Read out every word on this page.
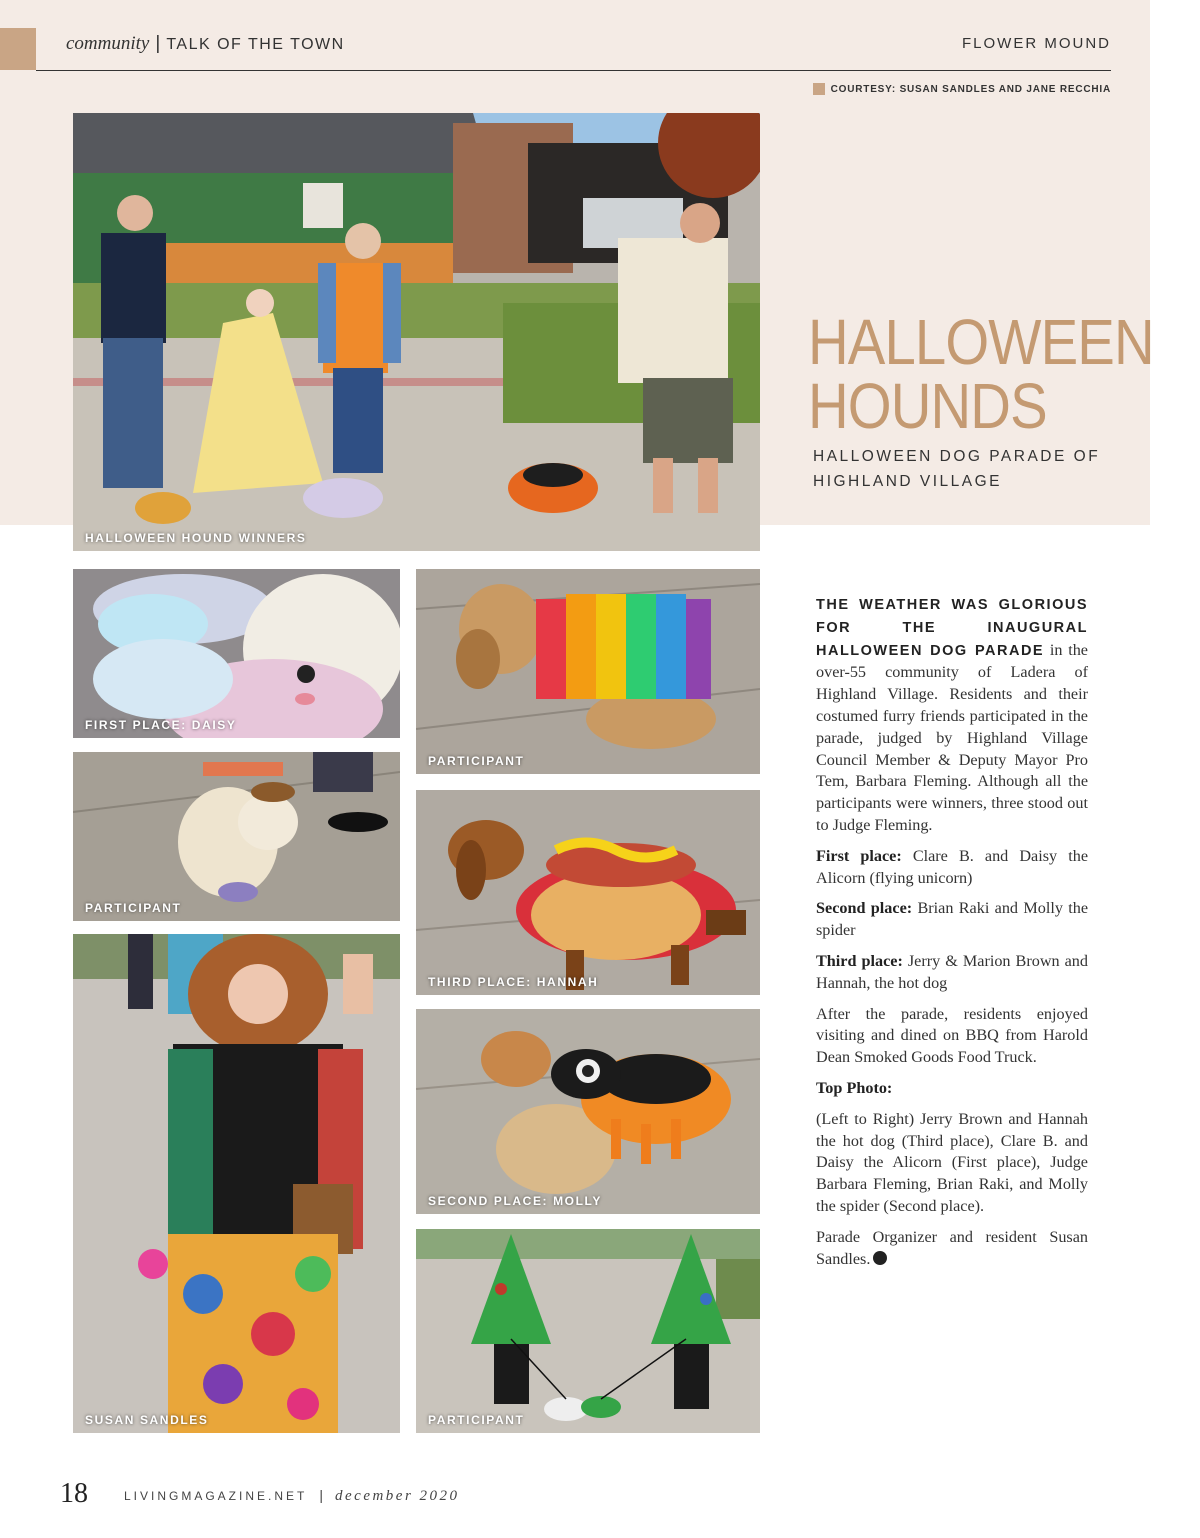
community | TALK OF THE TOWN	FLOWER MOUND
COURTESY: SUSAN SANDLES AND JANE RECCHIA
HALLOWEEN HOUND WINNERS
HALLOWEEN
HOUNDS
HALLOWEEN DOG PARADE OF HIGHLAND VILLAGE
FIRST PLACE: DAISY
PARTICIPANT
PARTICIPANT
THIRD PLACE: HANNAH
SUSAN SANDLES
SECOND PLACE: MOLLY
PARTICIPANT

THE WEATHER WAS GLORIOUS FOR THE INAUGURAL HALLOWEEN DOG PARADE in the over-55 community of Ladera of Highland Village. Residents and their costumed furry friends participated in the parade, judged by Highland Village Council Member & Deputy Mayor Pro Tem, Barbara Fleming. Although all the participants were winners, three stood out to Judge Fleming.

First place: Clare B. and Daisy the Alicorn (flying unicorn)

Second place: Brian Raki and Molly the spider

Third place: Jerry & Marion Brown and Hannah, the hot dog

After the parade, residents enjoyed visiting and dined on BBQ from Harold Dean Smoked Goods Food Truck.

Top Photo:

(Left to Right) Jerry Brown and Hannah the hot dog (Third place), Clare B. and Daisy the Alicorn (First place), Judge Barbara Fleming, Brian Raki, and Molly the spider (Second place).

Parade Organizer and resident Susan Sandles.

18	LIVINGMAGAZINE.NET | december 2020
